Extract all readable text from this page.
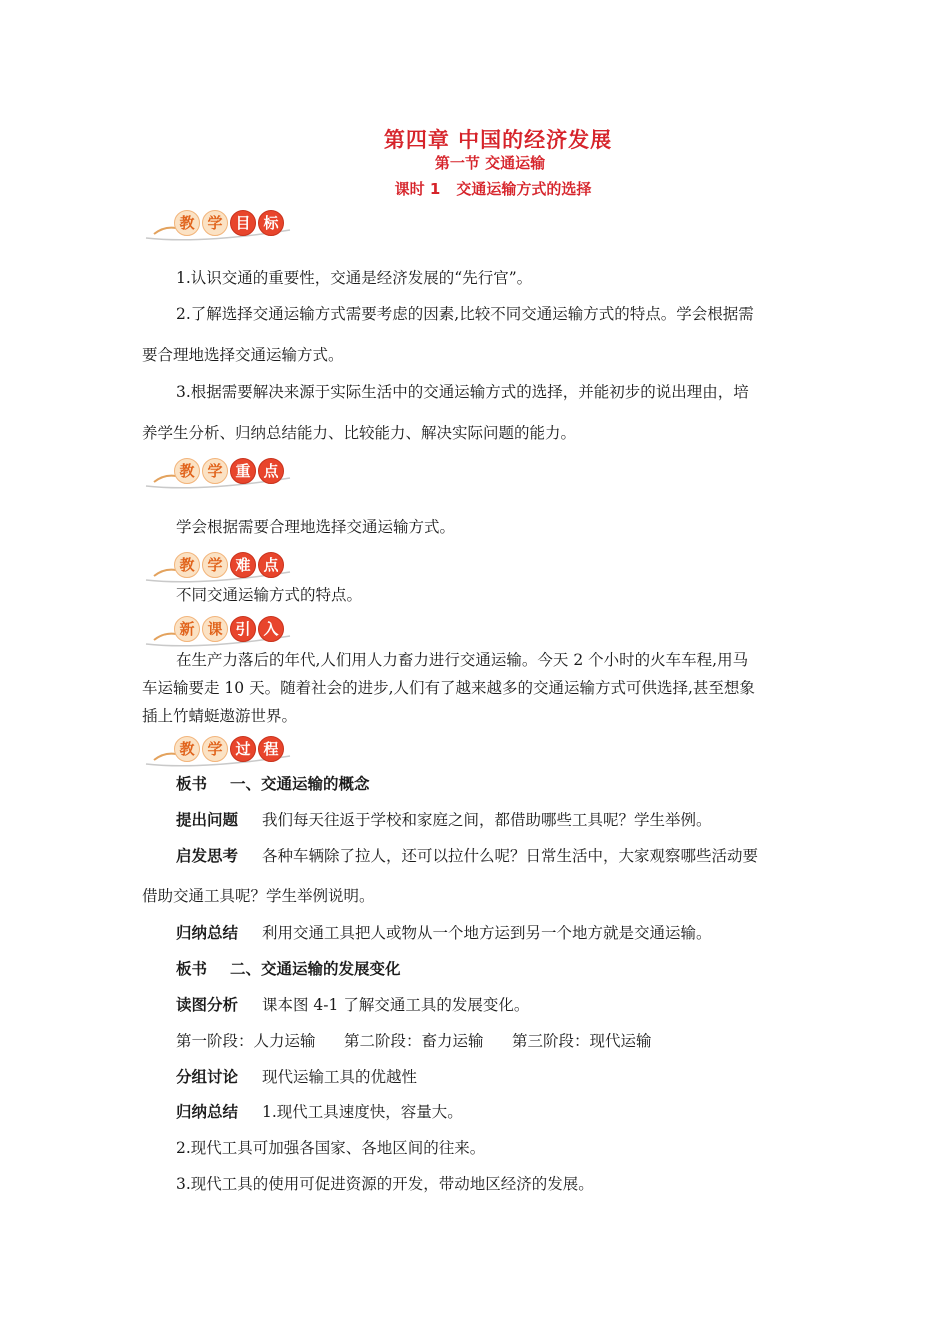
第四章 中国的经济发展
第一节 交通运输
课时 1 交通运输方式的选择
教 学 目 标
1.认识交通的重要性，交通是经济发展的“先行官”。
2.了解选择交通运输方式需要考虑的因素,比较不同交通运输方式的特点。学会根据需
要合理地选择交通运输方式。
3.根据需要解决来源于实际生活中的交通运输方式的选择，并能初步的说出理由，培
养学生分析、归纳总结能力、比较能力、解决实际问题的能力。
教 学 重 点
学会根据需要合理地选择交通运输方式。
教 学 难 点
不同交通运输方式的特点。
新 课 引 入
在生产力落后的年代,人们用人力畜力进行交通运输。今天 2 个小时的火车车程,用马
车运输要走 10 天。随着社会的进步,人们有了越来越多的交通运输方式可供选择,甚至想象
插上竹蜻蜓遨游世界。
教 学 过 程
板书 一、交通运输的概念
提出问题 我们每天往返于学校和家庭之间，都借助哪些工具呢？学生举例。
启发思考 各种车辆除了拉人，还可以拉什么呢？日常生活中，大家观察哪些活动要
借助交通工具呢？学生举例说明。
归纳总结 利用交通工具把人或物从一个地方运到另一个地方就是交通运输。
板书 二、交通运输的发展变化
读图分析 课本图 4-1 了解交通工具的发展变化。
第一阶段：人力运输 第二阶段：畜力运输 第三阶段：现代运输
分组讨论 现代运输工具的优越性
归纳总结 1.现代工具速度快，容量大。
2.现代工具可加强各国家、各地区间的往来。
3.现代工具的使用可促进资源的开发，带动地区经济的发展。
